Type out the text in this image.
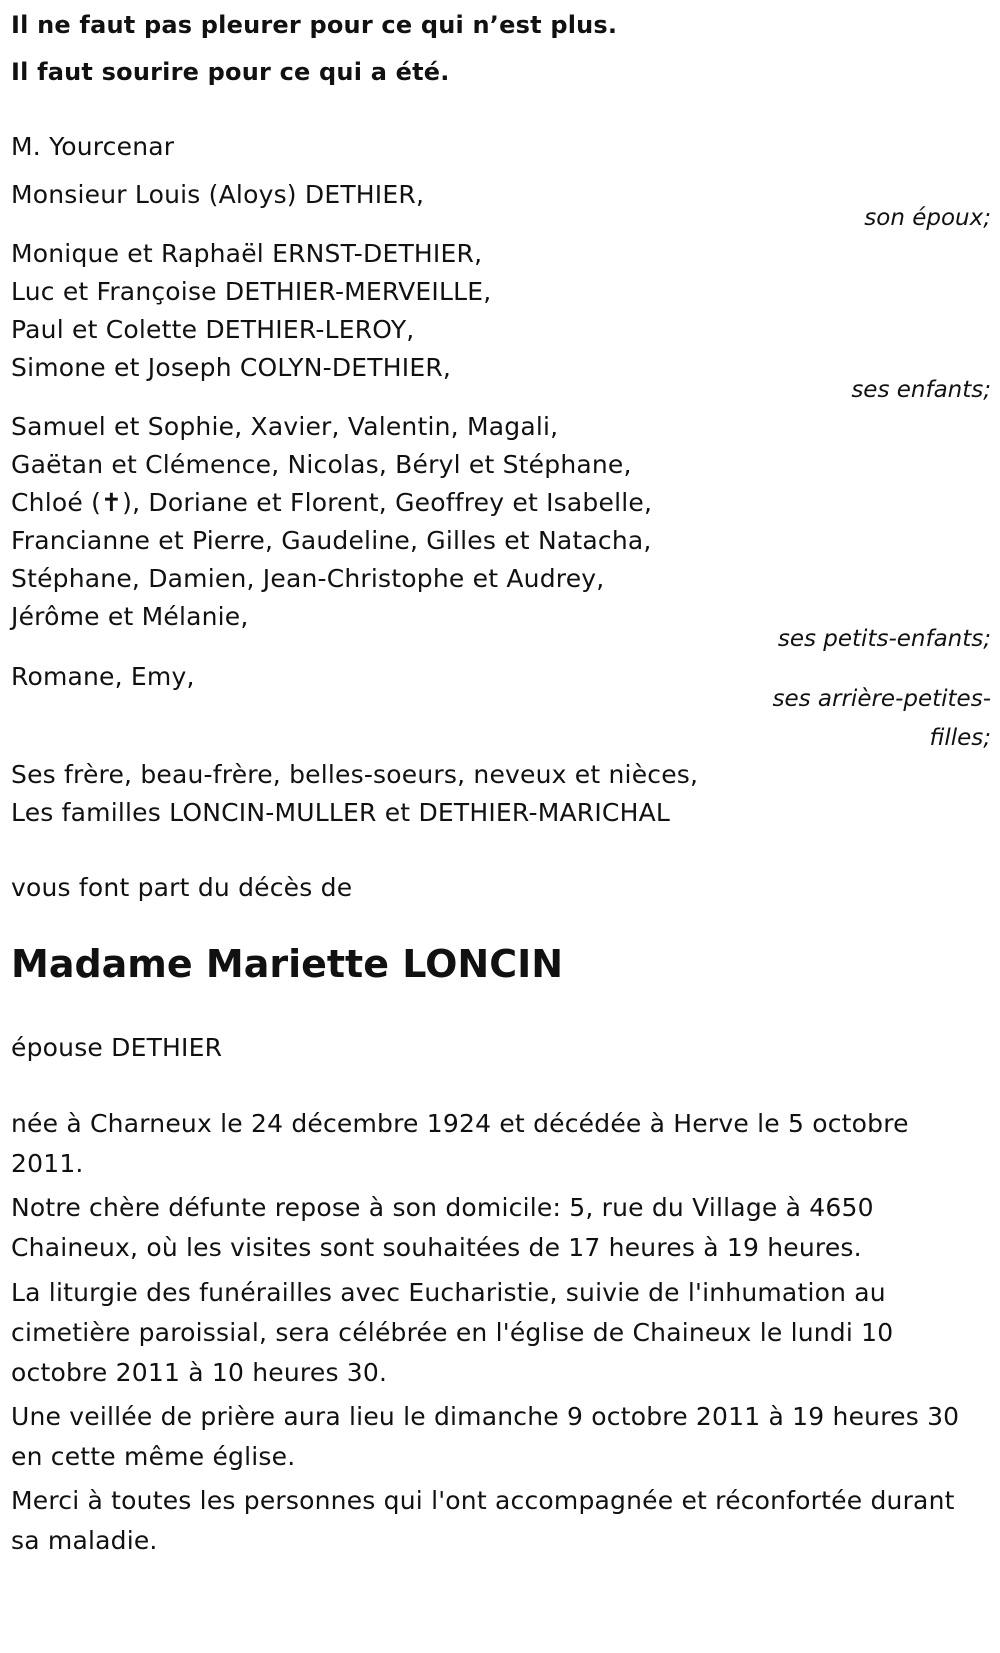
Il ne faut pas pleurer pour ce qui n’est plus.
Il faut sourire pour ce qui a été.
M. Yourcenar
Monsieur Louis (Aloys) DETHIER,
son époux;
Monique et Raphaël ERNST-DETHIER,
Luc et Françoise DETHIER-MERVEILLE,
Paul et Colette DETHIER-LEROY,
Simone et Joseph COLYN-DETHIER,
ses enfants;
Samuel et Sophie, Xavier, Valentin, Magali,
Gaëtan et Clémence, Nicolas, Béryl et Stéphane,
Chloé (✝), Doriane et Florent, Geoffrey et Isabelle,
Francianne et Pierre, Gaudeline, Gilles et Natacha,
Stéphane, Damien, Jean-Christophe et Audrey,
Jérôme et Mélanie,
ses petits-enfants;
Romane, Emy,
ses arrière-petites-
filles;
Ses frère, beau-frère, belles-soeurs, neveux et nièces,
Les familles LONCIN-MULLER et DETHIER-MARICHAL
vous font part du décès de
Madame Mariette LONCIN
épouse DETHIER
née à Charneux le 24 décembre 1924 et décédée à Herve le 5 octobre 2011.
Notre chère défunte repose à son domicile: 5, rue du Village à 4650 Chaineux, où les visites sont souhaitées de 17 heures à 19 heures.
La liturgie des funérailles avec Eucharistie, suivie de l'inhumation au cimetière paroissial, sera célébrée en l'église de Chaineux le lundi 10 octobre 2011 à 10 heures 30.
Une veillée de prière aura lieu le dimanche 9 octobre 2011 à 19 heures 30 en cette même église.
Merci à toutes les personnes qui l'ont accompagnée et réconfortée durant sa maladie.
